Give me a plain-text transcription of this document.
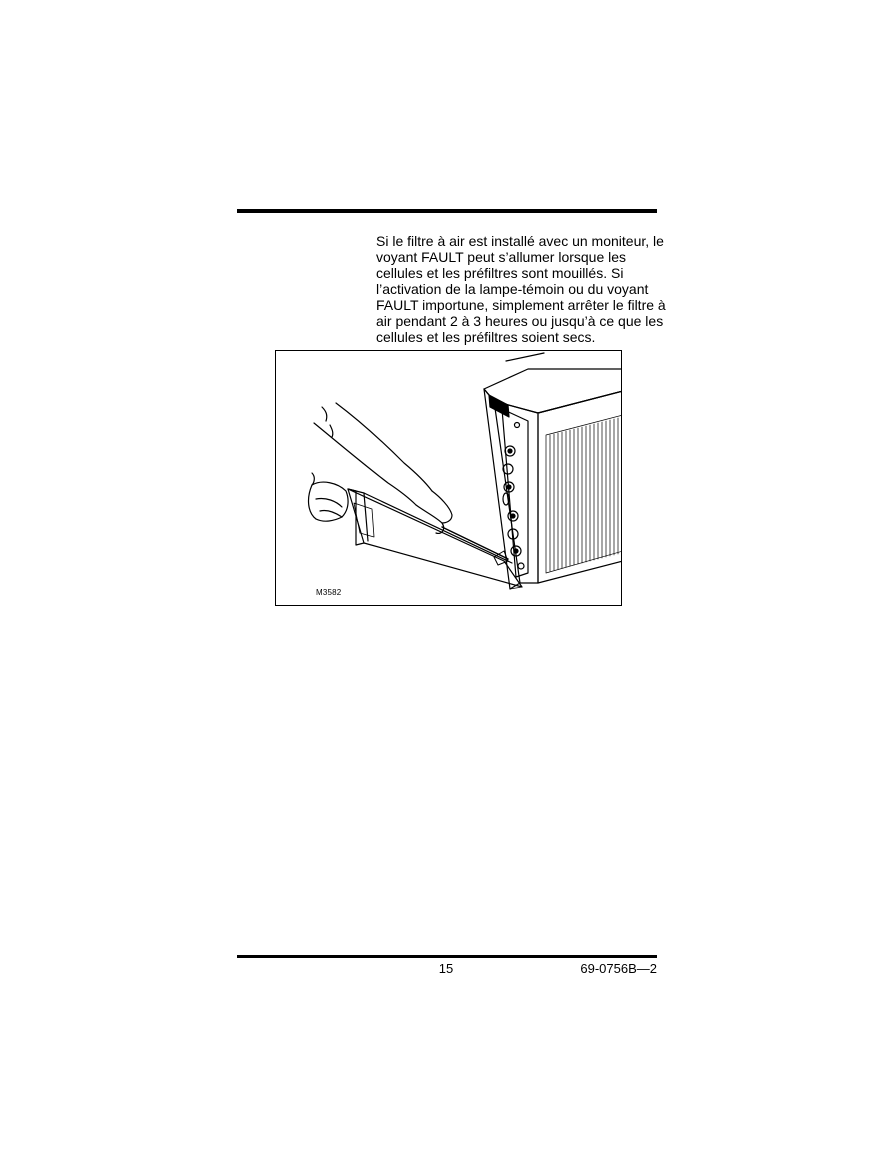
Si le filtre à air est installé avec un moniteur, le
voyant FAULT peut s’allumer lorsque les
cellules et les préfiltres sont mouillés. Si
l’activation de la lampe-témoin ou du voyant
FAULT importune, simplement arrêter le filtre à
air pendant 2 à 3 heures ou jusqu’à ce que les
cellules et les préfiltres soient secs.

M3582
15	69-0756B—2
